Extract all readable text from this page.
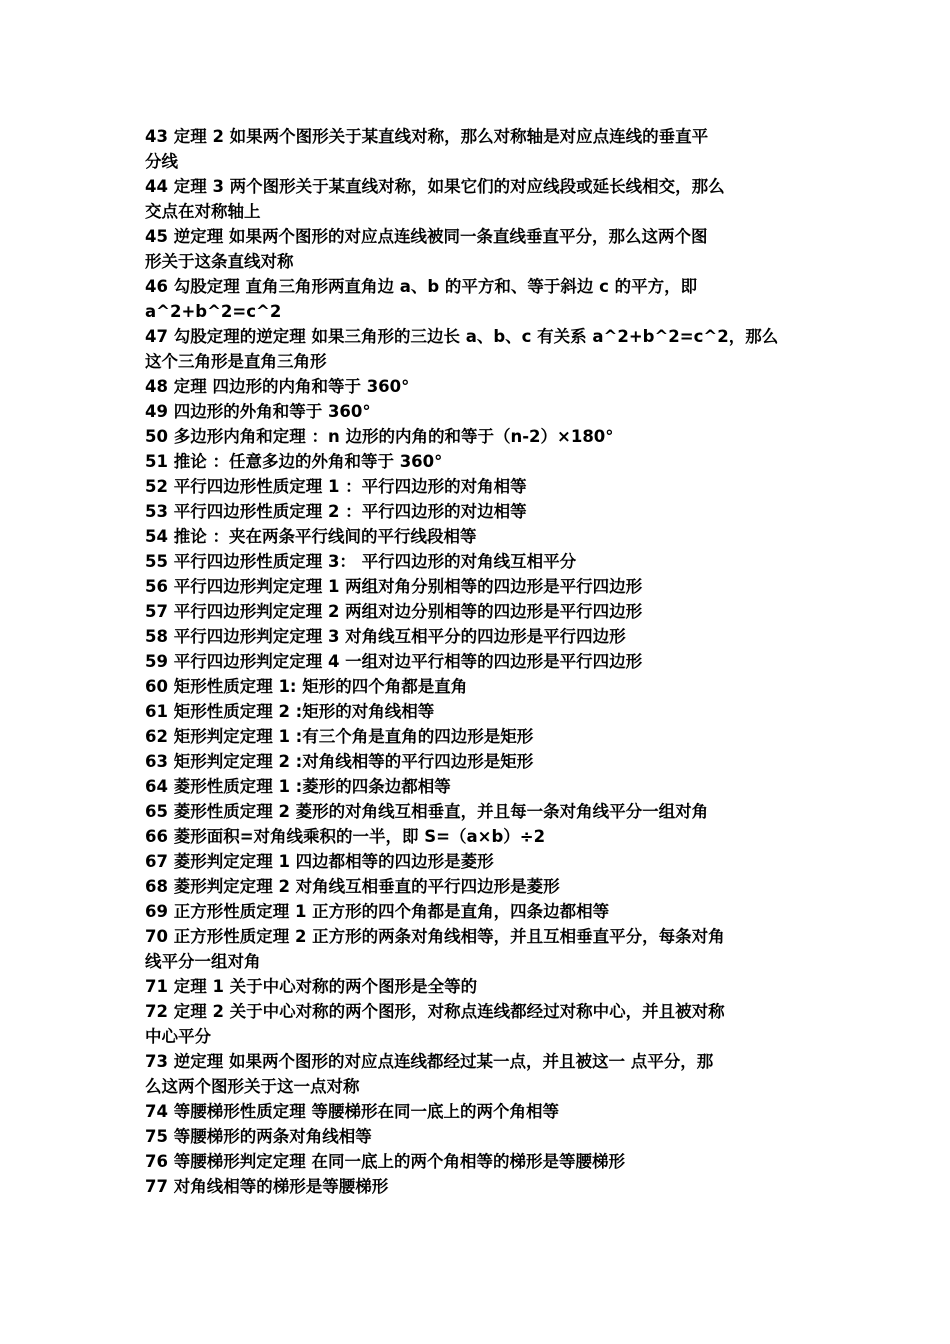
43 定理 2 如果两个图形关于某直线对称，那么对称轴是对应点连线的垂直平
分线
44 定理 3 两个图形关于某直线对称，如果它们的对应线段或延长线相交，那么
交点在对称轴上
45 逆定理 如果两个图形的对应点连线被同一条直线垂直平分，那么这两个图
形关于这条直线对称
46 勾股定理 直角三角形两直角边 a、b 的平方和、等于斜边 c 的平方，即
a^2+b^2=c^2
47 勾股定理的逆定理 如果三角形的三边长 a、b、c 有关系 a^2+b^2=c^2，那么
这个三角形是直角三角形
48 定理 四边形的内角和等于 360°
49 四边形的外角和等于 360°
50 多边形内角和定理 ：n 边形的内角的和等于（n-2）×180°
51 推论 ：任意多边的外角和等于 360°
52 平行四边形性质定理 1 ：平行四边形的对角相等
53 平行四边形性质定理 2 ：平行四边形的对边相等
54 推论 ：夹在两条平行线间的平行线段相等
55 平行四边形性质定理 3： 平行四边形的对角线互相平分
56 平行四边形判定定理 1 两组对角分别相等的四边形是平行四边形
57 平行四边形判定定理 2 两组对边分别相等的四边形是平行四边形
58 平行四边形判定定理 3 对角线互相平分的四边形是平行四边形
59 平行四边形判定定理 4 一组对边平行相等的四边形是平行四边形
60 矩形性质定理 1: 矩形的四个角都是直角
61 矩形性质定理 2 :矩形的对角线相等
62 矩形判定定理 1 :有三个角是直角的四边形是矩形
63 矩形判定定理 2 :对角线相等的平行四边形是矩形
64 菱形性质定理 1 :菱形的四条边都相等
65 菱形性质定理 2 菱形的对角线互相垂直，并且每一条对角线平分一组对角
66 菱形面积=对角线乘积的一半，即 S=（a×b）÷2
67 菱形判定定理 1 四边都相等的四边形是菱形
68 菱形判定定理 2 对角线互相垂直的平行四边形是菱形
69 正方形性质定理 1 正方形的四个角都是直角，四条边都相等
70 正方形性质定理 2 正方形的两条对角线相等，并且互相垂直平分，每条对角
线平分一组对角
71 定理 1 关于中心对称的两个图形是全等的
72 定理 2 关于中心对称的两个图形，对称点连线都经过对称中心，并且被对称
中心平分
73 逆定理 如果两个图形的对应点连线都经过某一点，并且被这一 点平分，那
么这两个图形关于这一点对称
74 等腰梯形性质定理 等腰梯形在同一底上的两个角相等
75 等腰梯形的两条对角线相等
76 等腰梯形判定定理 在同一底上的两个角相等的梯形是等腰梯形
77 对角线相等的梯形是等腰梯形
